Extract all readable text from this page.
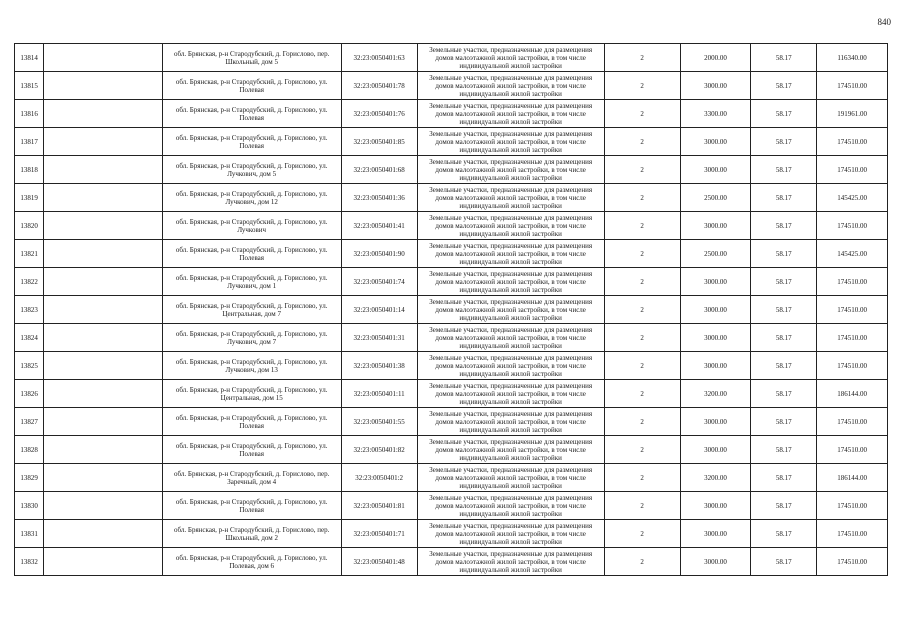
840
13814		обл. Брянская, р-н Стародубский, д. Горислово, пер. Школьный, дом 5	32:23:0050401:63	Земельные участки, предназначенные для размещения домов малоэтажной жилой застройки, в том числе индивидуальной жилой застройки	2	2000.00	58.17	116340.00
13815		обл. Брянская, р-н Стародубский, д. Горислово, ул. Полевая	32:23:0050401:78	Земельные участки, предназначенные для размещения домов малоэтажной жилой застройки, в том числе индивидуальной жилой застройки	2	3000.00	58.17	174510.00
13816		обл. Брянская, р-н Стародубский, д. Горислово, ул. Полевая	32:23:0050401:76	Земельные участки, предназначенные для размещения домов малоэтажной жилой застройки, в том числе индивидуальной жилой застройки	2	3300.00	58.17	191961.00
13817		обл. Брянская, р-н Стародубский, д. Горислово, ул. Полевая	32:23:0050401:85	Земельные участки, предназначенные для размещения домов малоэтажной жилой застройки, в том числе индивидуальной жилой застройки	2	3000.00	58.17	174510.00
13818		обл. Брянская, р-н Стародубский, д. Горислово, ул. Лучкович, дом 5	32:23:0050401:68	Земельные участки, предназначенные для размещения домов малоэтажной жилой застройки, в том числе индивидуальной жилой застройки	2	3000.00	58.17	174510.00
13819		обл. Брянская, р-н Стародубский, д. Горислово, ул. Лучкович, дом 12	32:23:0050401:36	Земельные участки, предназначенные для размещения домов малоэтажной жилой застройки, в том числе индивидуальной жилой застройки	2	2500.00	58.17	145425.00
13820		обл. Брянская, р-н Стародубский, д. Горислово, ул. Лучкович	32:23:0050401:41	Земельные участки, предназначенные для размещения домов малоэтажной жилой застройки, в том числе индивидуальной жилой застройки	2	3000.00	58.17	174510.00
13821		обл. Брянская, р-н Стародубский, д. Горислово, ул. Полевая	32:23:0050401:90	Земельные участки, предназначенные для размещения домов малоэтажной жилой застройки, в том числе индивидуальной жилой застройки	2	2500.00	58.17	145425.00
13822		обл. Брянская, р-н Стародубский, д. Горислово, ул. Лучкович, дом 1	32:23:0050401:74	Земельные участки, предназначенные для размещения домов малоэтажной жилой застройки, в том числе индивидуальной жилой застройки	2	3000.00	58.17	174510.00
13823		обл. Брянская, р-н Стародубский, д. Горислово, ул. Центральная, дом 7	32:23:0050401:14	Земельные участки, предназначенные для размещения домов малоэтажной жилой застройки, в том числе индивидуальной жилой застройки	2	3000.00	58.17	174510.00
13824		обл. Брянская, р-н Стародубский, д. Горислово, ул. Лучкович, дом 7	32:23:0050401:31	Земельные участки, предназначенные для размещения домов малоэтажной жилой застройки, в том числе индивидуальной жилой застройки	2	3000.00	58.17	174510.00
13825		обл. Брянская, р-н Стародубский, д. Горислово, ул. Лучкович, дом 13	32:23:0050401:38	Земельные участки, предназначенные для размещения домов малоэтажной жилой застройки, в том числе индивидуальной жилой застройки	2	3000.00	58.17	174510.00
13826		обл. Брянская, р-н Стародубский, д. Горислово, ул. Центральная, дом 15	32:23:0050401:11	Земельные участки, предназначенные для размещения домов малоэтажной жилой застройки, в том числе индивидуальной жилой застройки	2	3200.00	58.17	186144.00
13827		обл. Брянская, р-н Стародубский, д. Горислово, ул. Полевая	32:23:0050401:55	Земельные участки, предназначенные для размещения домов малоэтажной жилой застройки, в том числе индивидуальной жилой застройки	2	3000.00	58.17	174510.00
13828		обл. Брянская, р-н Стародубский, д. Горислово, ул. Полевая	32:23:0050401:82	Земельные участки, предназначенные для размещения домов малоэтажной жилой застройки, в том числе индивидуальной жилой застройки	2	3000.00	58.17	174510.00
13829		обл. Брянская, р-н Стародубский, д. Горислово, пер. Заречный, дом 4	32:23:0050401:2	Земельные участки, предназначенные для размещения домов малоэтажной жилой застройки, в том числе индивидуальной жилой застройки	2	3200.00	58.17	186144.00
13830		обл. Брянская, р-н Стародубский, д. Горислово, ул. Полевая	32:23:0050401:81	Земельные участки, предназначенные для размещения домов малоэтажной жилой застройки, в том числе индивидуальной жилой застройки	2	3000.00	58.17	174510.00
13831		обл. Брянская, р-н Стародубский, д. Горислово, пер. Школьный, дом 2	32:23:0050401:71	Земельные участки, предназначенные для размещения домов малоэтажной жилой застройки, в том числе индивидуальной жилой застройки	2	3000.00	58.17	174510.00
13832		обл. Брянская, р-н Стародубский, д. Горислово, ул. Полевая, дом 6	32:23:0050401:48	Земельные участки, предназначенные для размещения домов малоэтажной жилой застройки, в том числе индивидуальной жилой застройки	2	3000.00	58.17	174510.00
